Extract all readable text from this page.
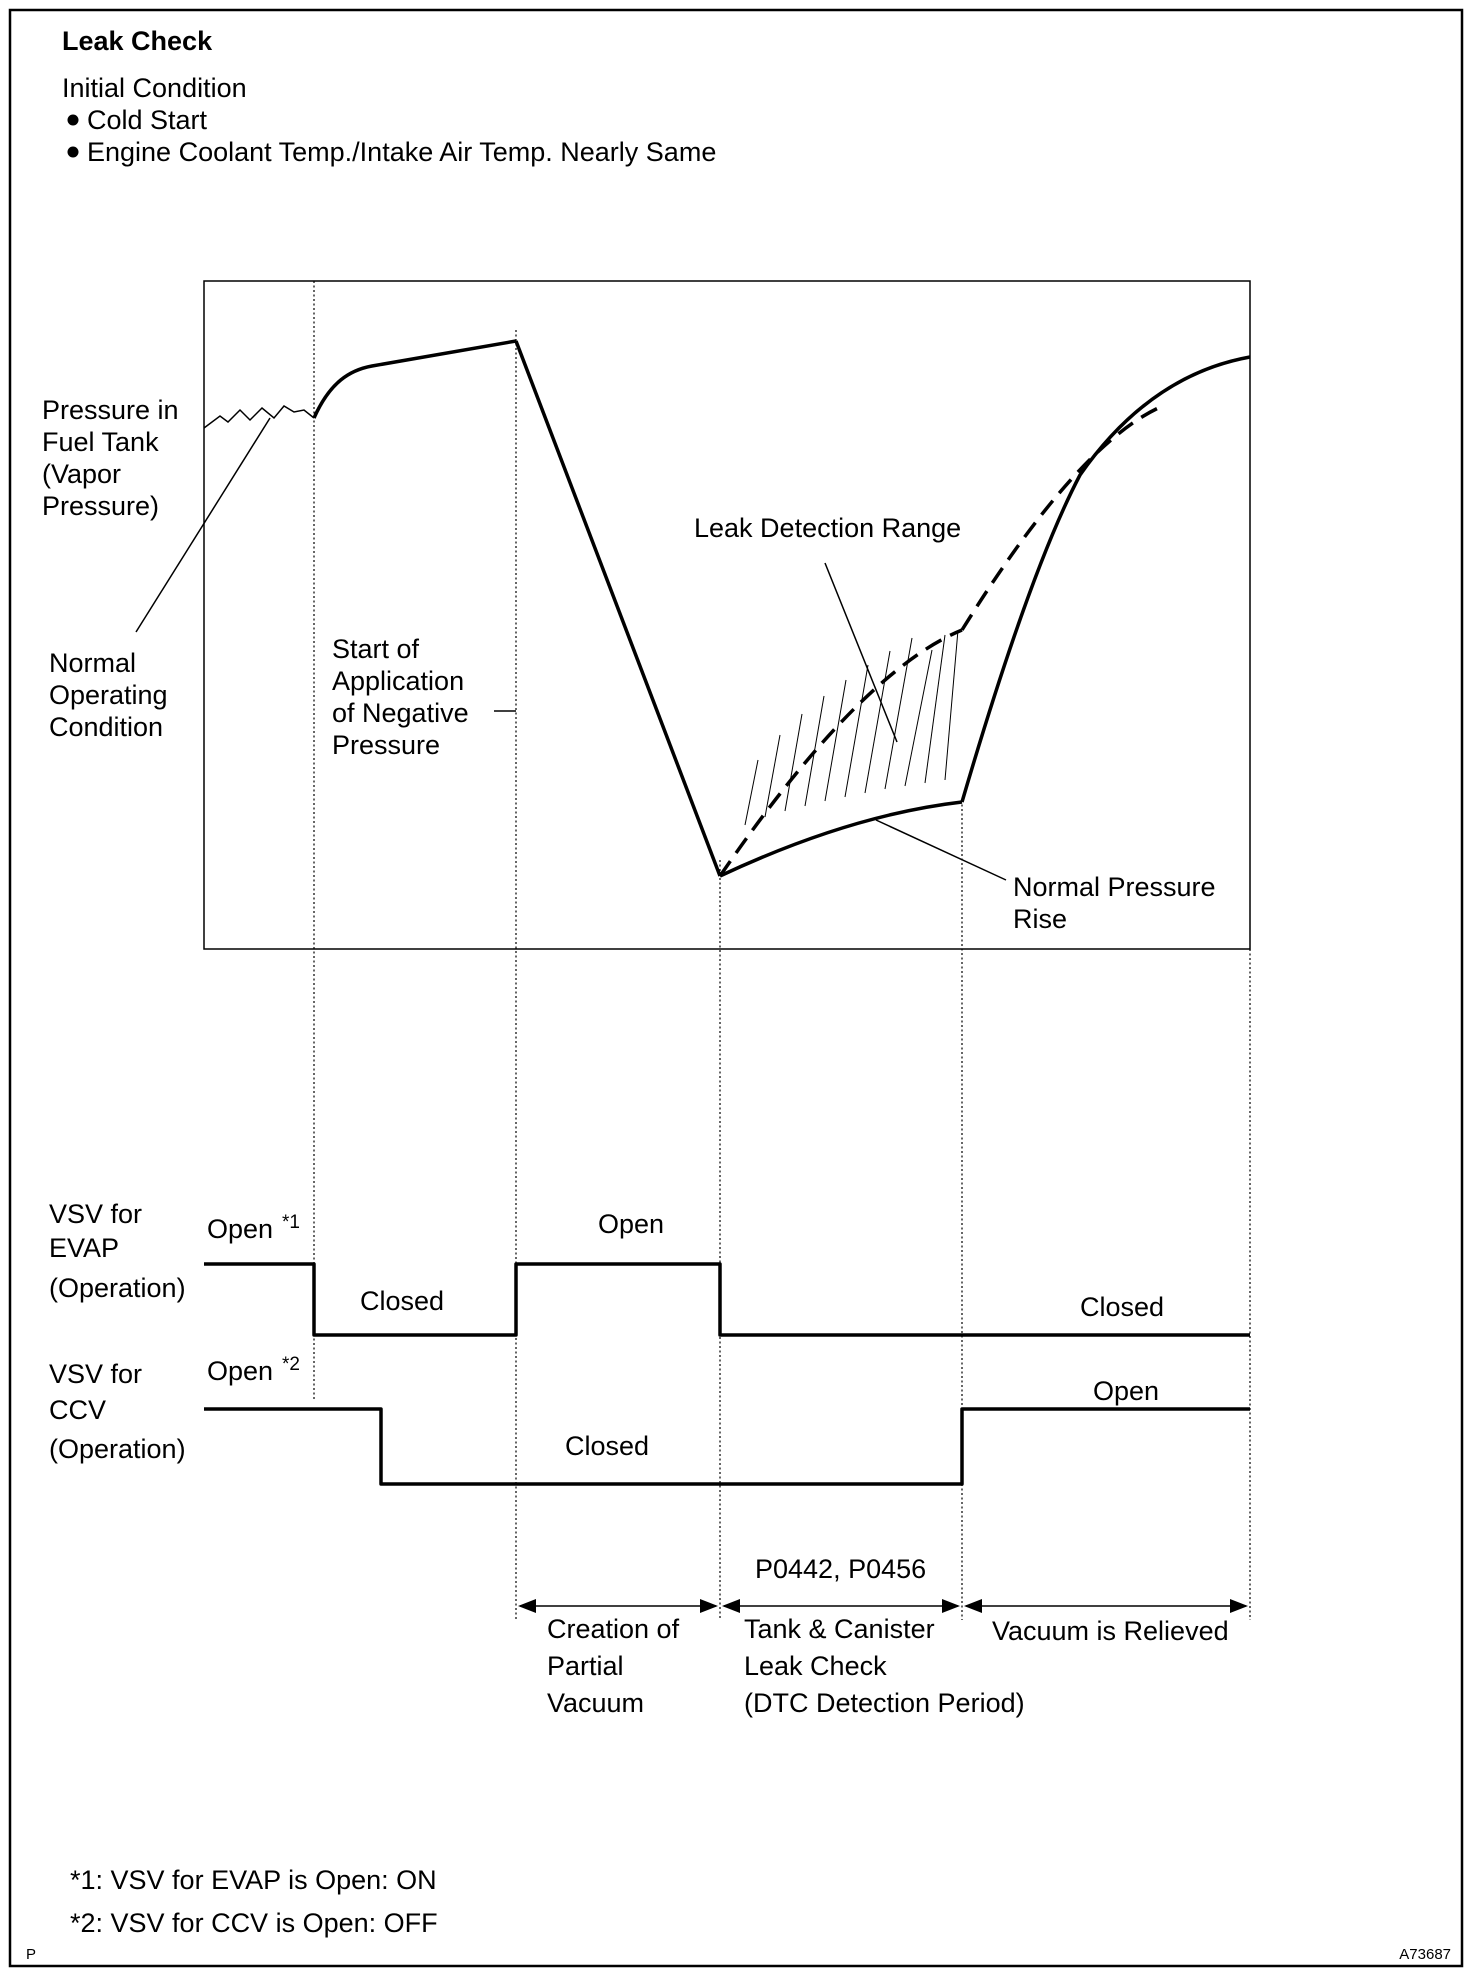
Leak Check
Initial Condition
Cold Start
Engine Coolant Temp./Intake Air Temp. Nearly Same
Pressure in
Fuel Tank
(Vapor
Pressure)
Normal
Operating
Condition
Start of
Application
of Negative
Pressure
Leak Detection Range
Normal Pressure
Rise
VSV for
EVAP
(Operation)
Open *1
Closed
Open
Closed
VSV for
CCV
(Operation)
Open *2
Closed
Open
P0442, P0456
Creation of
Partial
Vacuum
Tank & Canister
Leak Check
(DTC Detection Period)
Vacuum is Relieved
*1: VSV for EVAP is Open: ON
*2: VSV for CCV is Open: OFF
P	A73687
